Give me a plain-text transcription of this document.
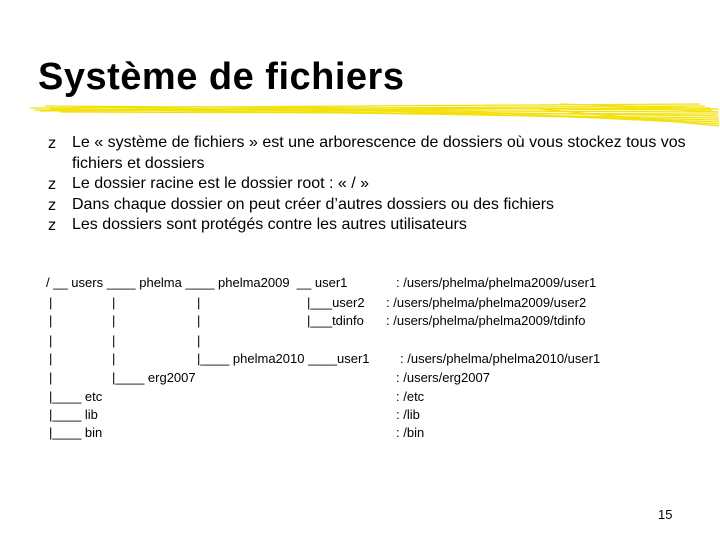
Système de fichiers
z Le « système de fichiers » est une arborescence de dossiers où vous stockez tous vos fichiers et dossiers
z Le dossier racine est le dossier root : « / »
z Dans chaque dossier on peut créer d’autres dossiers ou des fichiers
z Les dossiers sont protégés contre les autres utilisateurs
/ __ users ____ phelma ____ phelma2009  __ user1	: /users/phelma/phelma2009/user1
|	|	|	|___user2 : /users/phelma/phelma2009/user2
|	|	|	|___tdinfo : /users/phelma/phelma2009/tdinfo
|	|	|
|	|	|____ phelma2010 ____user1 : /users/phelma/phelma2010/user1
|	|____ erg2007	: /users/erg2007
|____ etc	: /etc
|____ lib	: /lib
|____ bin	: /bin
15
